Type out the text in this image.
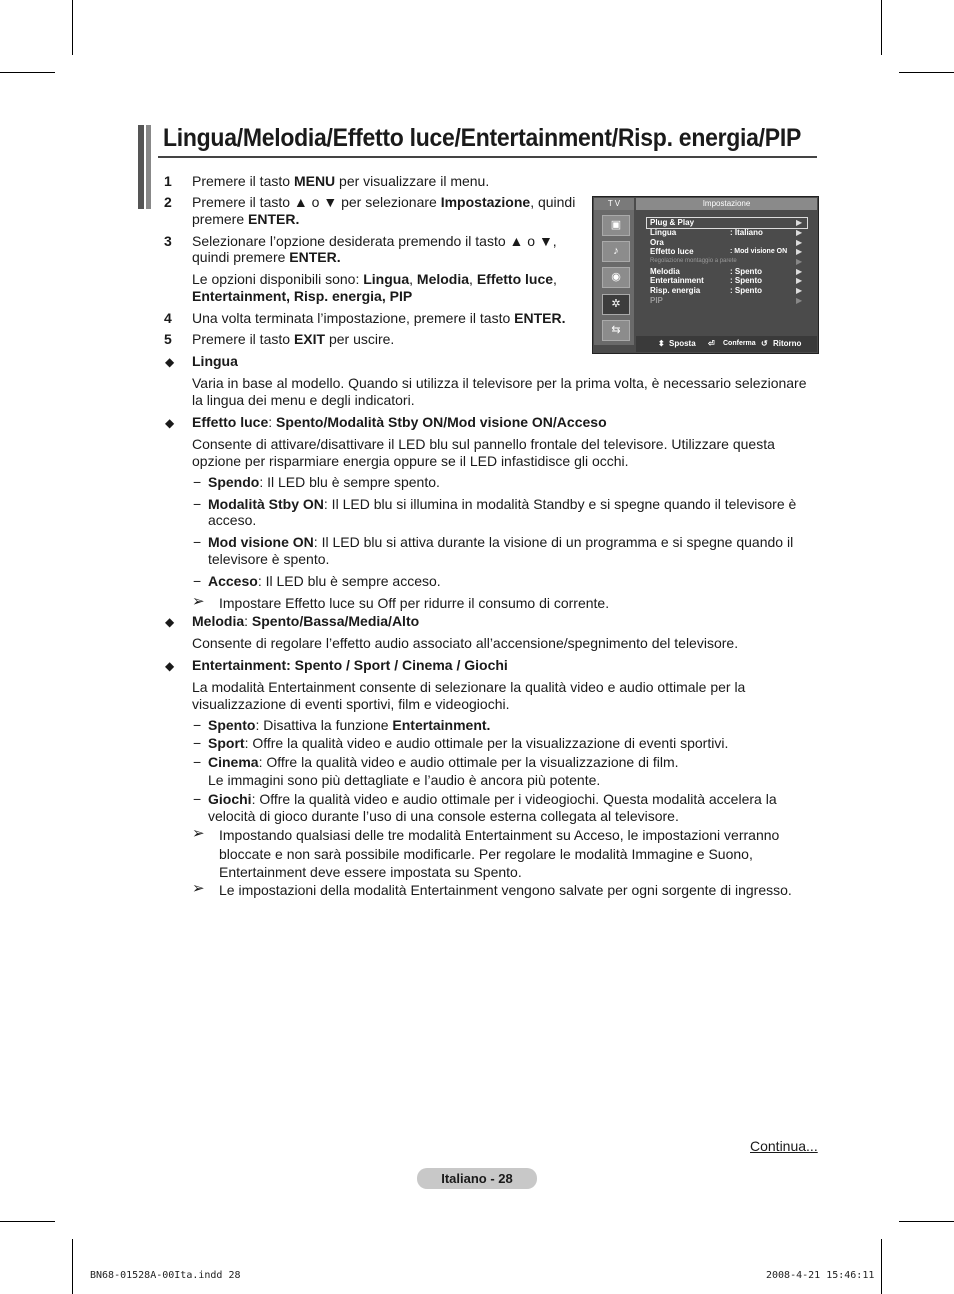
Lingua/Melodia/Effetto luce/Entertainment/Risp. energia/PIP
1 Premere il tasto MENU per visualizzare il menu.
2 Premere il tasto ▲ o ▼ per selezionare Impostazione, quindi
premere ENTER.
3 Selezionare l’opzione desiderata premendo il tasto ▲ o ▼,
quindi premere ENTER.
Le opzioni disponibili sono: Lingua, Melodia, Effetto luce,
Entertainment, Risp. energia, PIP
4 Una volta terminata l’impostazione, premere il tasto ENTER.
5 Premere il tasto EXIT per uscire.
◆ Lingua
Varia in base al modello. Quando si utilizza il televisore per la prima volta, è necessario selezionare
la lingua dei menu e degli indicatori.
◆ Effetto luce: Spento/Modalità Stby ON/Mod visione ON/Acceso
Consente di attivare/disattivare il LED blu sul pannello frontale del televisore. Utilizzare questa
opzione per risparmiare energia oppure se il LED infastidisce gli occhi.
− Spendo: Il LED blu è sempre spento.
− Modalità Stby ON: Il LED blu si illumina in modalità Standby e si spegne quando il televisore è
acceso.
− Mod visione ON: Il LED blu si attiva durante la visione di un programma e si spegne quando il
televisore è spento.
− Acceso: Il LED blu è sempre acceso.
➢ Impostare Effetto luce su Off per ridurre il consumo di corrente.
◆ Melodia: Spento/Bassa/Media/Alto
Consente di regolare l’effetto audio associato all’accensione/spegnimento del televisore.
◆ Entertainment: Spento / Sport / Cinema / Giochi
La modalità Entertainment consente di selezionare la qualità video e audio ottimale per la
visualizzazione di eventi sportivi, film e videogiochi.
− Spento: Disattiva la funzione Entertainment.
− Sport: Offre la qualità video e audio ottimale per la visualizzazione di eventi sportivi.
− Cinema: Offre la qualità video e audio ottimale per la visualizzazione di film.
Le immagini sono più dettagliate e l’audio è ancora più potente.
− Giochi: Offre la qualità video e audio ottimale per i videogiochi. Questa modalità accelera la
velocità di gioco durante l’uso di una console esterna collegata al televisore.
➢ Impostando qualsiasi delle tre modalità Entertainment su Acceso, le impostazioni verranno
bloccate e non sarà possibile modificarle. Per regolare le modalità Immagine e Suono,
Entertainment deve essere impostata su Spento.
➢ Le impostazioni della modalità Entertainment vengono salvate per ogni sorgente di ingresso.
T V	Impostazione
▣
♪
◉
✲
⇆
Plug & Play	▶
Lingua	: Italiano	▶
Ora	▶
Effetto luce	: Mod visione ON ▶
Regolazione montaggio a parete	▶
Melodia	: Spento	▶
Entertainment	: Spento	▶
Risp. energia	: Spento	▶
PIP	▶
⬍ Sposta ⏎ Conferma ↺ Ritorno
Continua...
Italiano - 28
BN68-01528A-00Ita.indd 28	2008-4-21 15:46:11
